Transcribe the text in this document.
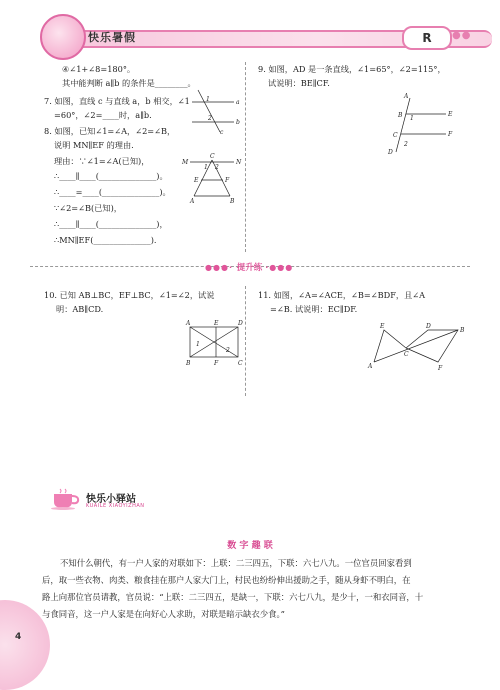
快乐暑假	R	●●
④∠1+∠8=180°。
其中能判断 a∥b 的条件是________。
7. 如图，直线 c 与直线 a，b 相交，∠1
=60°，∠2=____时，a∥b.
8. 如图，已知∠1=∠A，∠2=∠B，
说明 MN∥EF 的理由.
理由：∵∠1=∠A(已知)，
∴____∥____(______________)。
∴____=____(______________)。
∵∠2=∠B(已知)，
∴____∥____(______________)，
∴MN∥EF(______________).
a
b
c
1
2
M
C
N
E	F
A	B
1 2
9. 如图，AD 是一条直线，∠1=65°，∠2=115°，
试说明：BE∥CF.
A
B
C
D
E
F
1
2
●●●· 提升练 ·●●●
10. 已知 AB⊥BC，EF⊥BC，∠1=∠2，试说
明：AB∥CD.
A	D
B	C
E
F
1
2
11. 如图，∠A=∠ACE，∠B=∠BDF，且∠A
=∠B. 试说明：EC∥DF.
A
B
C
D
E
F
快乐小驿站
KUAILE XIAOYIZHAN
数 字 趣 联
不知什么朝代，有一户人家的对联如下：上联：二三四五，下联：六七八九。一位官员回家看到
后，取一些衣物、肉类、粮食挂在那户人家大门上，村民也纷纷伸出援助之手，随从身虾不明白，在
路上向那位官员请教，官员说：“上联：二三四五，是缺一，下联：六七八九，是少十，一和衣同音，十
与食同音，这一户人家是在向好心人求助，对联是暗示缺衣少食。”
4
